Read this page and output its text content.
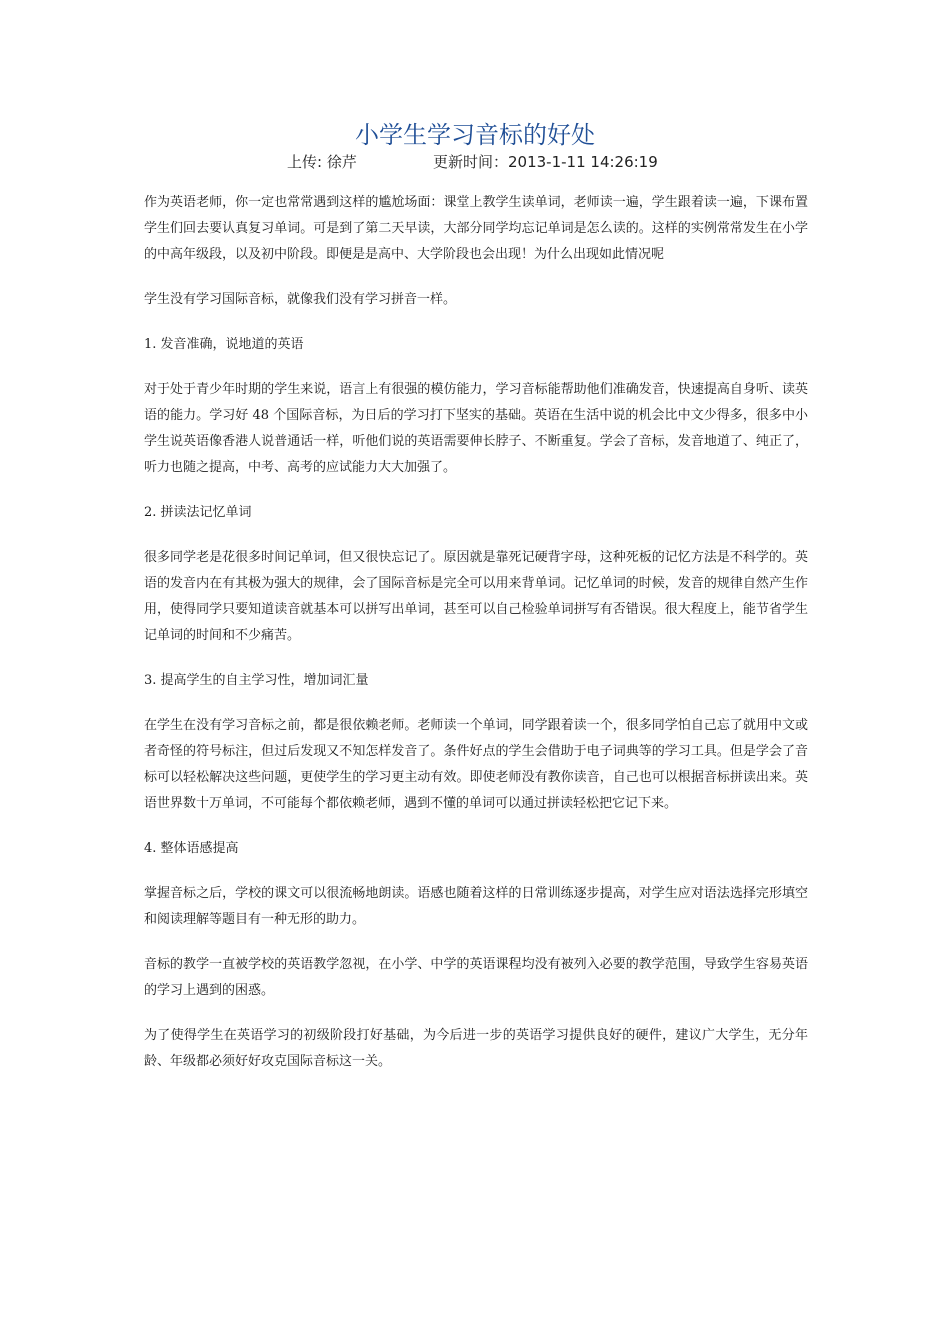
小学生学习音标的好处
上传: 徐芹	更新时间：2013-1-11 14:26:19

作为英语老师，你一定也常常遇到这样的尴尬场面：课堂上教学生读单词，老师读一遍，学生跟着读一遍，下课布置学生们回去要认真复习单词。可是到了第二天早读，大部分同学均忘记单词是怎么读的。这样的实例常常发生在小学的中高年级段，以及初中阶段。即便是是高中、大学阶段也会出现！为什么出现如此情况呢

学生没有学习国际音标，就像我们没有学习拼音一样。

1. 发音准确，说地道的英语

对于处于青少年时期的学生来说，语言上有很强的模仿能力，学习音标能帮助他们准确发音，快速提高自身听、读英语的能力。学习好 48 个国际音标，为日后的学习打下坚实的基础。英语在生活中说的机会比中文少得多，很多中小学生说英语像香港人说普通话一样，听他们说的英语需要伸长脖子、不断重复。学会了音标，发音地道了、纯正了，听力也随之提高，中考、高考的应试能力大大加强了。

2. 拼读法记忆单词

很多同学老是花很多时间记单词，但又很快忘记了。原因就是靠死记硬背字母，这种死板的记忆方法是不科学的。英语的发音内在有其极为强大的规律，会了国际音标是完全可以用来背单词。记忆单词的时候，发音的规律自然产生作用，使得同学只要知道读音就基本可以拼写出单词，甚至可以自己检验单词拼写有否错误。很大程度上，能节省学生记单词的时间和不少痛苦。

3. 提高学生的自主学习性，增加词汇量

在学生在没有学习音标之前，都是很依赖老师。老师读一个单词，同学跟着读一个，很多同学怕自己忘了就用中文或者奇怪的符号标注，但过后发现又不知怎样发音了。条件好点的学生会借助于电子词典等的学习工具。但是学会了音标可以轻松解决这些问题，更使学生的学习更主动有效。即使老师没有教你读音，自己也可以根据音标拼读出来。英语世界数十万单词，不可能每个都依赖老师，遇到不懂的单词可以通过拼读轻松把它记下来。

4. 整体语感提高

掌握音标之后，学校的课文可以很流畅地朗读。语感也随着这样的日常训练逐步提高，对学生应对语法选择完形填空和阅读理解等题目有一种无形的助力。

音标的教学一直被学校的英语教学忽视，在小学、中学的英语课程均没有被列入必要的教学范围，导致学生容易英语的学习上遇到的困惑。

为了使得学生在英语学习的初级阶段打好基础，为今后进一步的英语学习提供良好的硬件，建议广大学生，无分年龄、年级都必须好好攻克国际音标这一关。
